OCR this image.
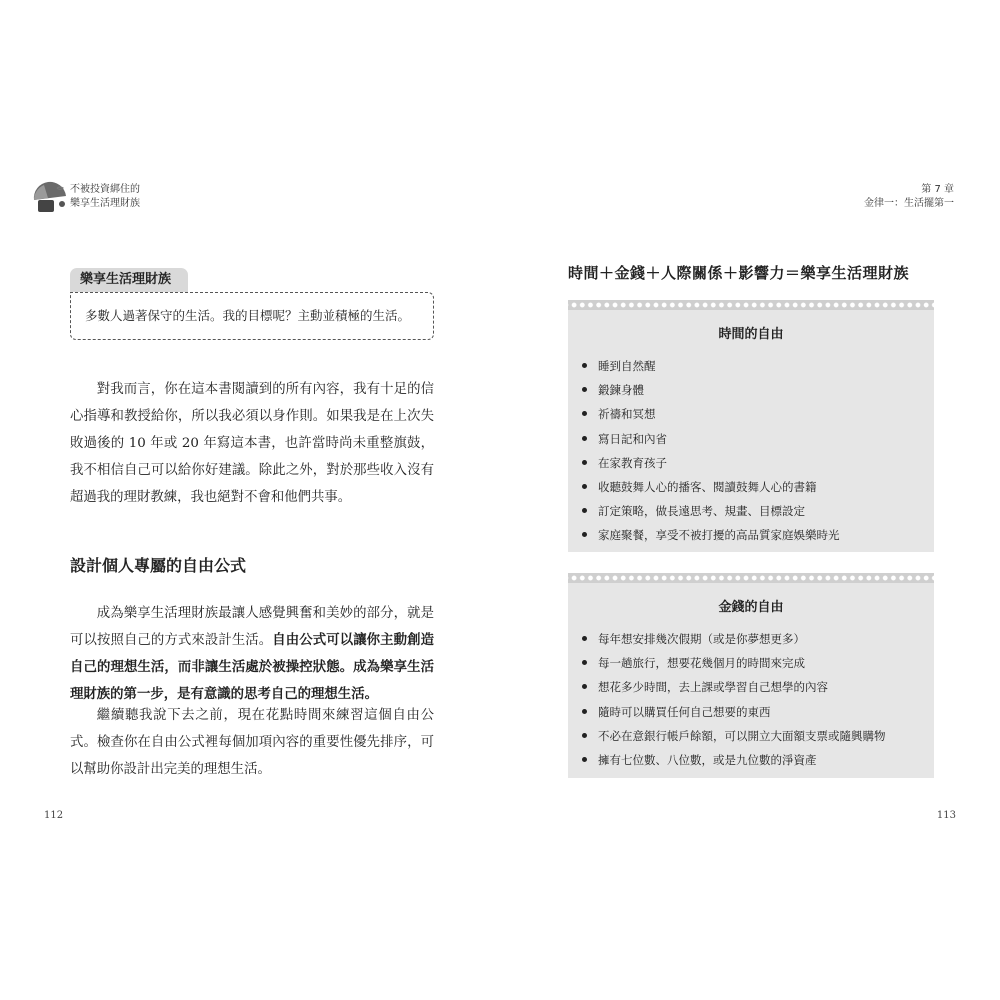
不被投資綁住的
樂享生活理財族
第 7 章
金律一：生活擺第一
樂享生活理財族
多數人過著保守的生活。我的目標呢？主動並積極的生活。
對我而言，你在這本書閱讀到的所有內容，我有十足的信心指導和教授給你，所以我必須以身作則。如果我是在上次失敗過後的 10 年或 20 年寫這本書，也許當時尚未重整旗鼓，我不相信自己可以給你好建議。除此之外，對於那些收入沒有超過我的理財教練，我也絕對不會和他們共事。
設計個人專屬的自由公式
成為樂享生活理財族最讓人感覺興奮和美妙的部分，就是可以按照自己的方式來設計生活。自由公式可以讓你主動創造自己的理想生活，而非讓生活處於被操控狀態。成為樂享生活理財族的第一步，是有意識的思考自己的理想生活。
繼續聽我說下去之前，現在花點時間來練習這個自由公式。檢查你在自由公式裡每個加項內容的重要性優先排序，可以幫助你設計出完美的理想生活。
112
時間＋金錢＋人際關係＋影響力＝樂享生活理財族
時間的自由
睡到自然醒
鍛鍊身體
祈禱和冥想
寫日記和內省
在家教育孩子
收聽鼓舞人心的播客、閱讀鼓舞人心的書籍
訂定策略，做長遠思考、規畫、目標設定
家庭聚餐，享受不被打擾的高品質家庭娛樂時光
金錢的自由
每年想安排幾次假期（或是你夢想更多）
每一趟旅行，想要花幾個月的時間來完成
想花多少時間，去上課或學習自己想學的內容
隨時可以購買任何自己想要的東西
不必在意銀行帳戶餘額，可以開立大面額支票或隨興購物
擁有七位數、八位數，或是九位數的淨資產
113
